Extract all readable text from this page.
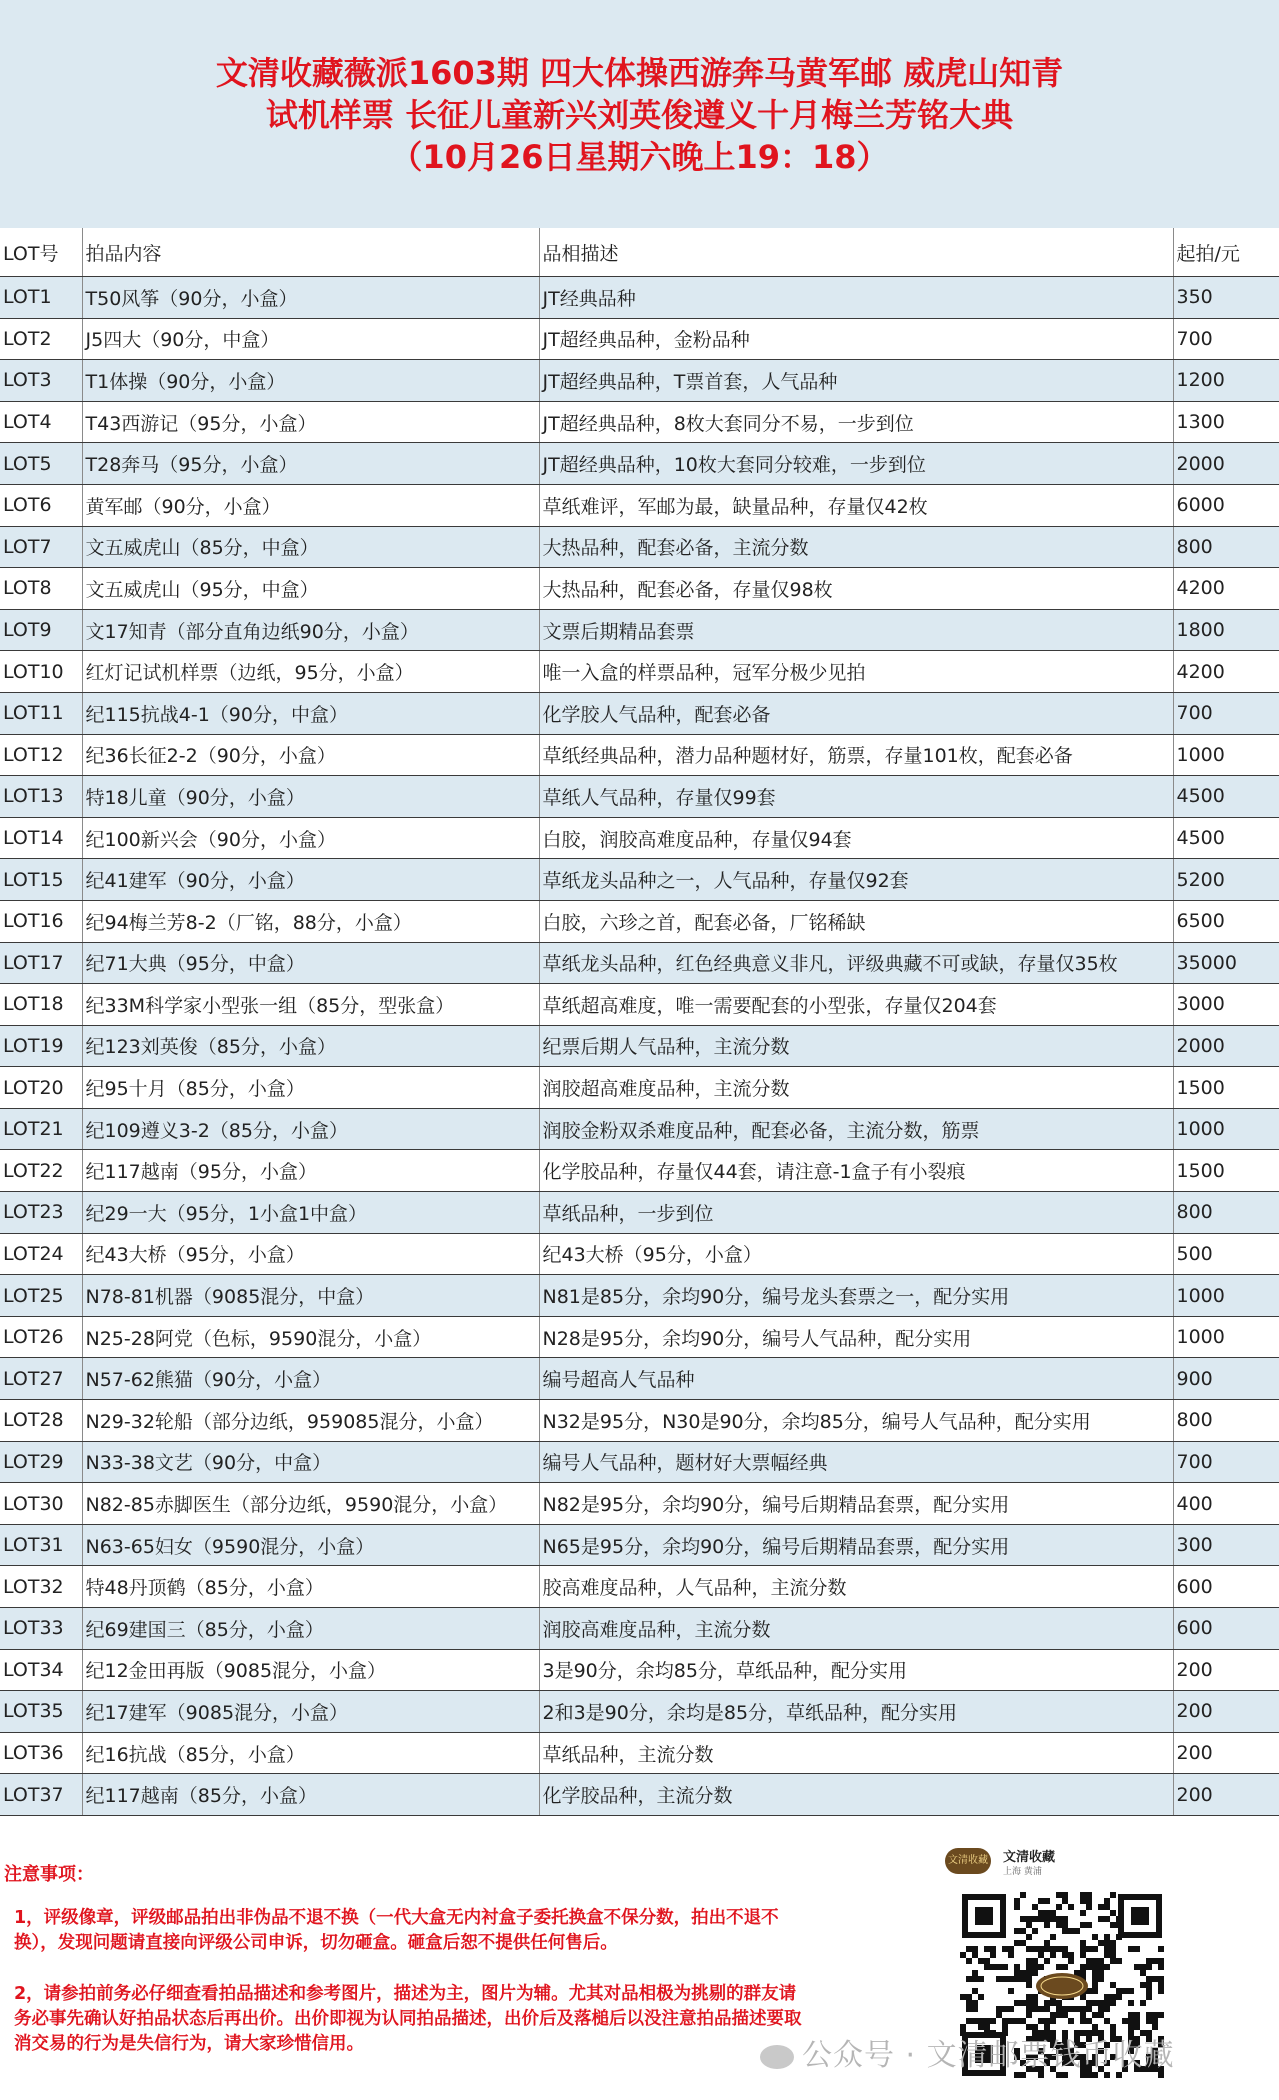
文清收藏薇派1603期 四大体操西游奔马黄军邮 威虎山知青
试机样票 长征儿童新兴刘英俊遵义十月梅兰芳铭大典
（10月26日星期六晚上19：18）
LOT号	拍品内容	品相描述	起拍/元
LOT1	T50风筝（90分，小盒）	JT经典品种	350
LOT2	J5四大（90分，中盒）	JT超经典品种，金粉品种	700
LOT3	T1体操（90分，小盒）	JT超经典品种，T票首套，人气品种	1200
LOT4	T43西游记（95分，小盒）	JT超经典品种，8枚大套同分不易，一步到位	1300
LOT5	T28奔马（95分，小盒）	JT超经典品种，10枚大套同分较难，一步到位	2000
LOT6	黄军邮（90分，小盒）	草纸难评，军邮为最，缺量品种，存量仅42枚	6000
LOT7	文五威虎山（85分，中盒）	大热品种，配套必备，主流分数	800
LOT8	文五威虎山（95分，中盒）	大热品种，配套必备，存量仅98枚	4200
LOT9	文17知青（部分直角边纸90分，小盒）	文票后期精品套票	1800
LOT10	红灯记试机样票（边纸，95分，小盒）	唯一入盒的样票品种，冠军分极少见拍	4200
LOT11	纪115抗战4-1（90分，中盒）	化学胶人气品种，配套必备	700
LOT12	纪36长征2-2（90分，小盒）	草纸经典品种，潜力品种题材好，筋票，存量101枚，配套必备	1000
LOT13	特18儿童（90分，小盒）	草纸人气品种，存量仅99套	4500
LOT14	纪100新兴会（90分，小盒）	白胶，润胶高难度品种，存量仅94套	4500
LOT15	纪41建军（90分，小盒）	草纸龙头品种之一，人气品种，存量仅92套	5200
LOT16	纪94梅兰芳8-2（厂铭，88分，小盒）	白胶，六珍之首，配套必备，厂铭稀缺	6500
LOT17	纪71大典（95分，中盒）	草纸龙头品种，红色经典意义非凡，评级典藏不可或缺，存量仅35枚	35000
LOT18	纪33M科学家小型张一组（85分，型张盒）	草纸超高难度，唯一需要配套的小型张，存量仅204套	3000
LOT19	纪123刘英俊（85分，小盒）	纪票后期人气品种，主流分数	2000
LOT20	纪95十月（85分，小盒）	润胶超高难度品种，主流分数	1500
LOT21	纪109遵义3-2（85分，小盒）	润胶金粉双杀难度品种，配套必备，主流分数，筋票	1000
LOT22	纪117越南（95分，小盒）	化学胶品种，存量仅44套，请注意-1盒子有小裂痕	1500
LOT23	纪29一大（95分，1小盒1中盒）	草纸品种，一步到位	800
LOT24	纪43大桥（95分，小盒）	纪43大桥（95分，小盒）	500
LOT25	N78-81机器（9085混分，中盒）	N81是85分，余均90分，编号龙头套票之一，配分实用	1000
LOT26	N25-28阿党（色标，9590混分，小盒）	N28是95分，余均90分，编号人气品种，配分实用	1000
LOT27	N57-62熊猫（90分，小盒）	编号超高人气品种	900
LOT28	N29-32轮船（部分边纸，959085混分，小盒）	N32是95分，N30是90分，余均85分，编号人气品种，配分实用	800
LOT29	N33-38文艺（90分，中盒）	编号人气品种，题材好大票幅经典	700
LOT30	N82-85赤脚医生（部分边纸，9590混分，小盒）	N82是95分，余均90分，编号后期精品套票，配分实用	400
LOT31	N63-65妇女（9590混分，小盒）	N65是95分，余均90分，编号后期精品套票，配分实用	300
LOT32	特48丹顶鹤（85分，小盒）	胶高难度品种，人气品种，主流分数	600
LOT33	纪69建国三（85分，小盒）	润胶高难度品种，主流分数	600
LOT34	纪12金田再版（9085混分，小盒）	3是90分，余均85分，草纸品种，配分实用	200
LOT35	纪17建军（9085混分，小盒）	2和3是90分，余均是85分，草纸品种，配分实用	200
LOT36	纪16抗战（85分，小盒）	草纸品种，主流分数	200
LOT37	纪117越南（85分，小盒）	化学胶品种，主流分数	200
注意事项：
1，评级像章，评级邮品拍出非伪品不退不换（一代大盒无内衬盒子委托换盒不保分数，拍出不退不换），发现问题请直接向评级公司申诉，切勿砸盒。砸盒后恕不提供任何售后。
2，请参拍前务必仔细查看拍品描述和参考图片，描述为主，图片为辅。尤其对品相极为挑剔的群友请务必事先确认好拍品状态后再出价。出价即视为认同拍品描述，出价后及落槌后以没注意拍品描述要取消交易的行为是失信行为，请大家珍惜信用。
文清收藏 文清收藏
上海 黄浦
公众号 · 文清邮票钱币收藏
